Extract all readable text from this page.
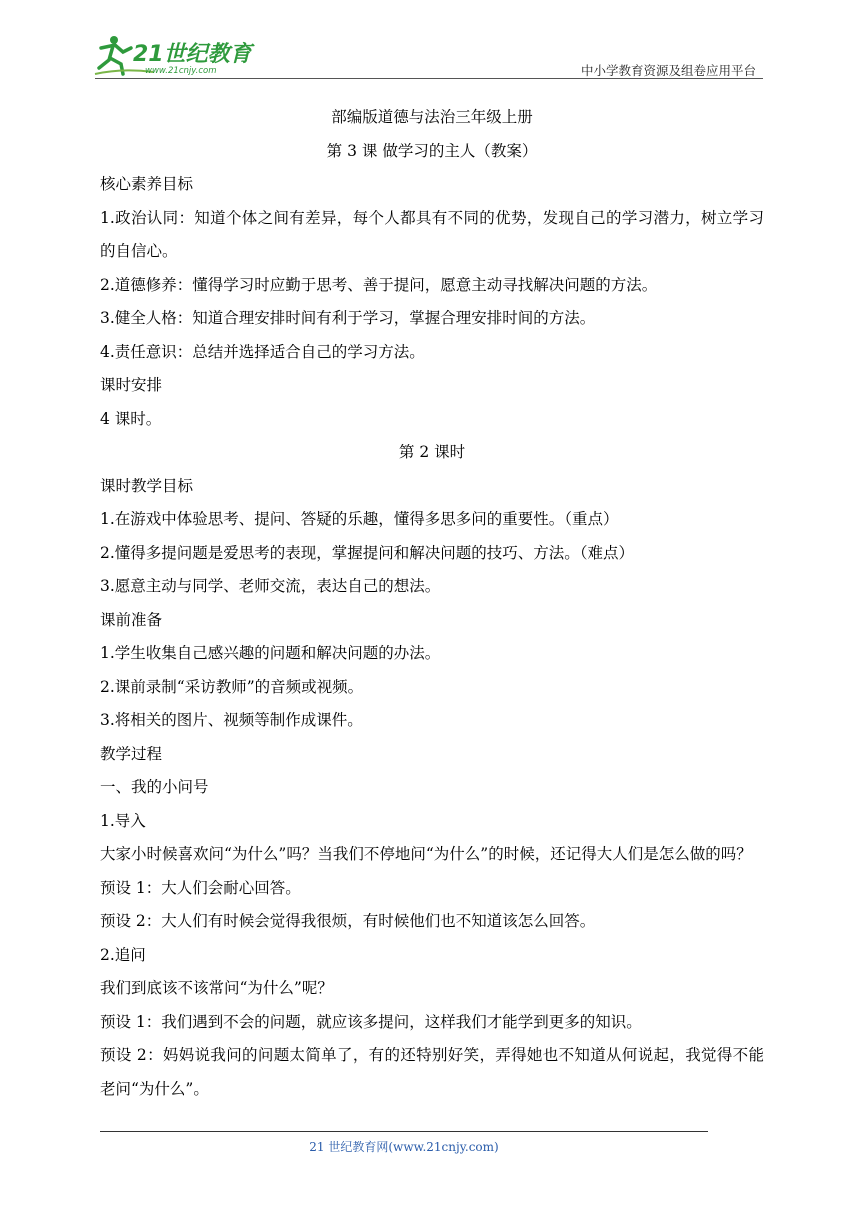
21世纪教育
www.21cnjy.com	中小学教育资源及组卷应用平台

部编版道德与法治三年级上册

第 3 课 做学习的主人（教案）

核心素养目标

1.政治认同：知道个体之间有差异，每个人都具有不同的优势，发现自己的学习潜力，树立学习的自信心。

2.道德修养：懂得学习时应勤于思考、善于提问，愿意主动寻找解决问题的方法。

3.健全人格：知道合理安排时间有利于学习，掌握合理安排时间的方法。

4.责任意识：总结并选择适合自己的学习方法。

课时安排

4 课时。

第 2 课时

课时教学目标

1.在游戏中体验思考、提问、答疑的乐趣，懂得多思多问的重要性。（重点）

2.懂得多提问题是爱思考的表现，掌握提问和解决问题的技巧、方法。（难点）

3.愿意主动与同学、老师交流，表达自己的想法。

课前准备

1.学生收集自己感兴趣的问题和解决问题的办法。

2.课前录制“采访教师”的音频或视频。

3.将相关的图片、视频等制作成课件。

教学过程

一、我的小问号

1.导入

大家小时候喜欢问“为什么”吗？当我们不停地问“为什么”的时候，还记得大人们是怎么做的吗？

预设 1：大人们会耐心回答。

预设 2：大人们有时候会觉得我很烦，有时候他们也不知道该怎么回答。

2.追问

我们到底该不该常问“为什么”呢？

预设 1：我们遇到不会的问题，就应该多提问，这样我们才能学到更多的知识。

预设 2：妈妈说我问的问题太简单了，有的还特别好笑，弄得她也不知道从何说起，我觉得不能老问“为什么”。

21 世纪教育网(www.21cnjy.com)
